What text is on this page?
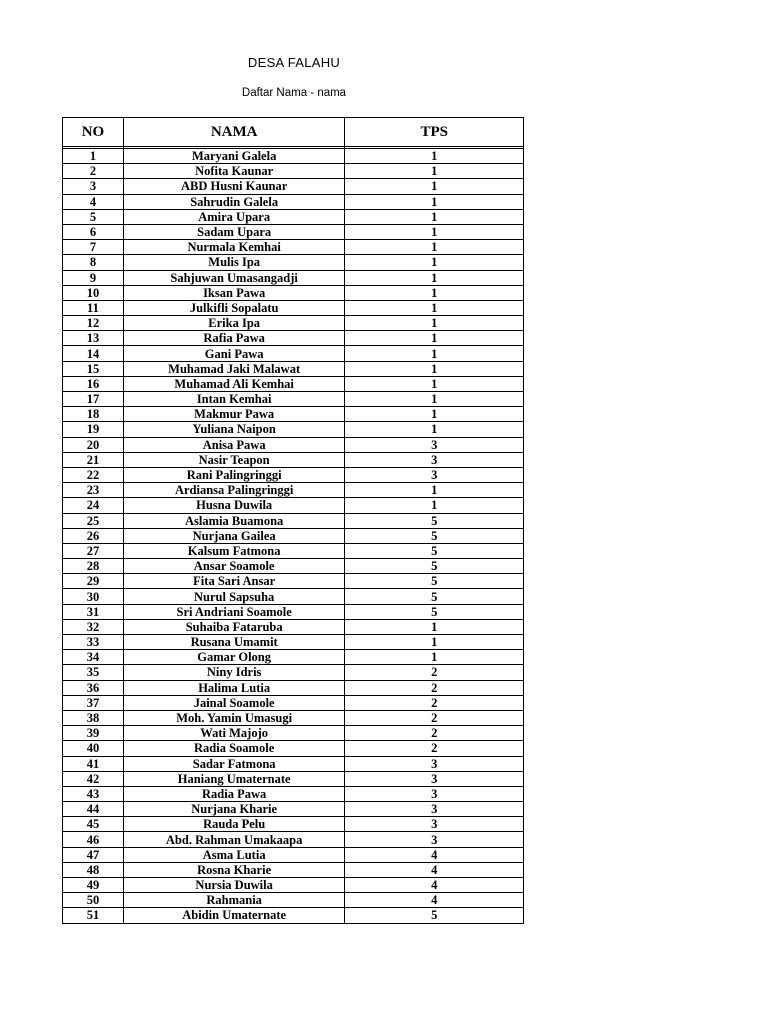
DESA FALAHU
Daftar Nama - nama
NO	NAMA	TPS

1	Maryani Galela	1
2	Nofita Kaunar	1
3	ABD Husni Kaunar	1
4	Sahrudin Galela	1
5	Amira Upara	1
6	Sadam Upara	1
7	Nurmala Kemhai	1
8	Mulis Ipa	1
9	Sahjuwan Umasangadji	1
10	Iksan Pawa	1
11	Julkifli Sopalatu	1
12	Erika Ipa	1
13	Rafia Pawa	1
14	Gani Pawa	1
15	Muhamad Jaki Malawat	1
16	Muhamad Ali Kemhai	1
17	Intan Kemhai	1
18	Makmur Pawa	1
19	Yuliana Naipon	1
20	Anisa Pawa	3
21	Nasir Teapon	3
22	Rani Palingringgi	3
23	Ardiansa Palingringgi	1
24	Husna Duwila	1
25	Aslamia Buamona	5
26	Nurjana Gailea	5
27	Kalsum Fatmona	5
28	Ansar Soamole	5
29	Fita Sari Ansar	5
30	Nurul Sapsuha	5
31	Sri Andriani Soamole	5
32	Suhaiba Fataruba	1
33	Rusana Umamit	1
34	Gamar Olong	1
35	Niny Idris	2
36	Halima Lutia	2
37	Jainal Soamole	2
38	Moh. Yamin Umasugi	2
39	Wati Majojo	2
40	Radia Soamole	2
41	Sadar Fatmona	3
42	Haniang Umaternate	3
43	Radia Pawa	3
44	Nurjana Kharie	3
45	Rauda Pelu	3
46	Abd. Rahman Umakaapa	3
47	Asma Lutia	4
48	Rosna Kharie	4
49	Nursia Duwila	4
50	Rahmania	4
51	Abidin Umaternate	5
